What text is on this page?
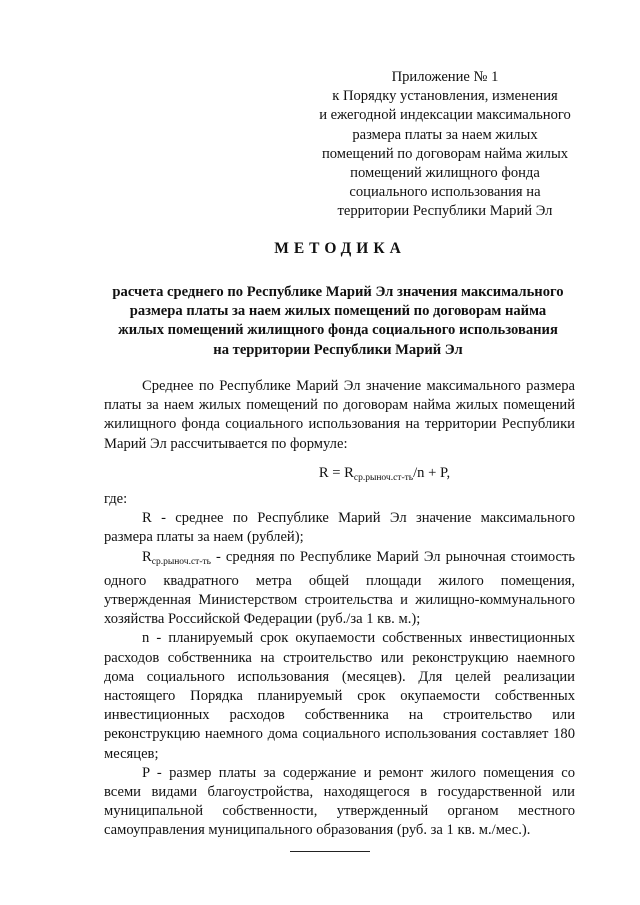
Приложение № 1
к Порядку установления, изменения
и ежегодной индексации максимального
размера платы за наем жилых
помещений по договорам найма жилых
помещений жилищного фонда
социального использования на
территории Республики Марий Эл
МЕТОДИКА
расчета среднего по Республике Марий Эл значения максимального
размера платы за наем жилых помещений по договорам найма
жилых помещений жилищного фонда социального использования
на территории Республики Марий Эл

Среднее по Республике Марий Эл значение максимального размера платы за наем жилых помещений по договорам найма жилых помещений жилищного фонда социального использования на территории Республики Марий Эл рассчитывается по формуле:

$R = R_{ср.рыноч.ст-ть}/n + P$,
где:

R - среднее по Республике Марий Эл значение максимального размера платы за наем (рублей);

$R_{ср.рыноч.ст-ть}$ - средняя по Республике Марий Эл рыночная стоимость одного квадратного метра общей площади жилого помещения, утвержденная Министерством строительства и жилищно-коммунального хозяйства Российской Федерации (руб./за 1 кв. м.);

n - планируемый срок окупаемости собственных инвестиционных расходов собственника на строительство или реконструкцию наемного дома социального использования (месяцев). Для целей реализации настоящего Порядка планируемый срок окупаемости собственных инвестиционных расходов собственника на строительство или реконструкцию наемного дома социального использования составляет 180 месяцев;

P - размер платы за содержание и ремонт жилого помещения со всеми видами благоустройства, находящегося в государственной или муниципальной собственности, утвержденный органом местного самоуправления муниципального образования (руб. за 1 кв. м./мес.).
